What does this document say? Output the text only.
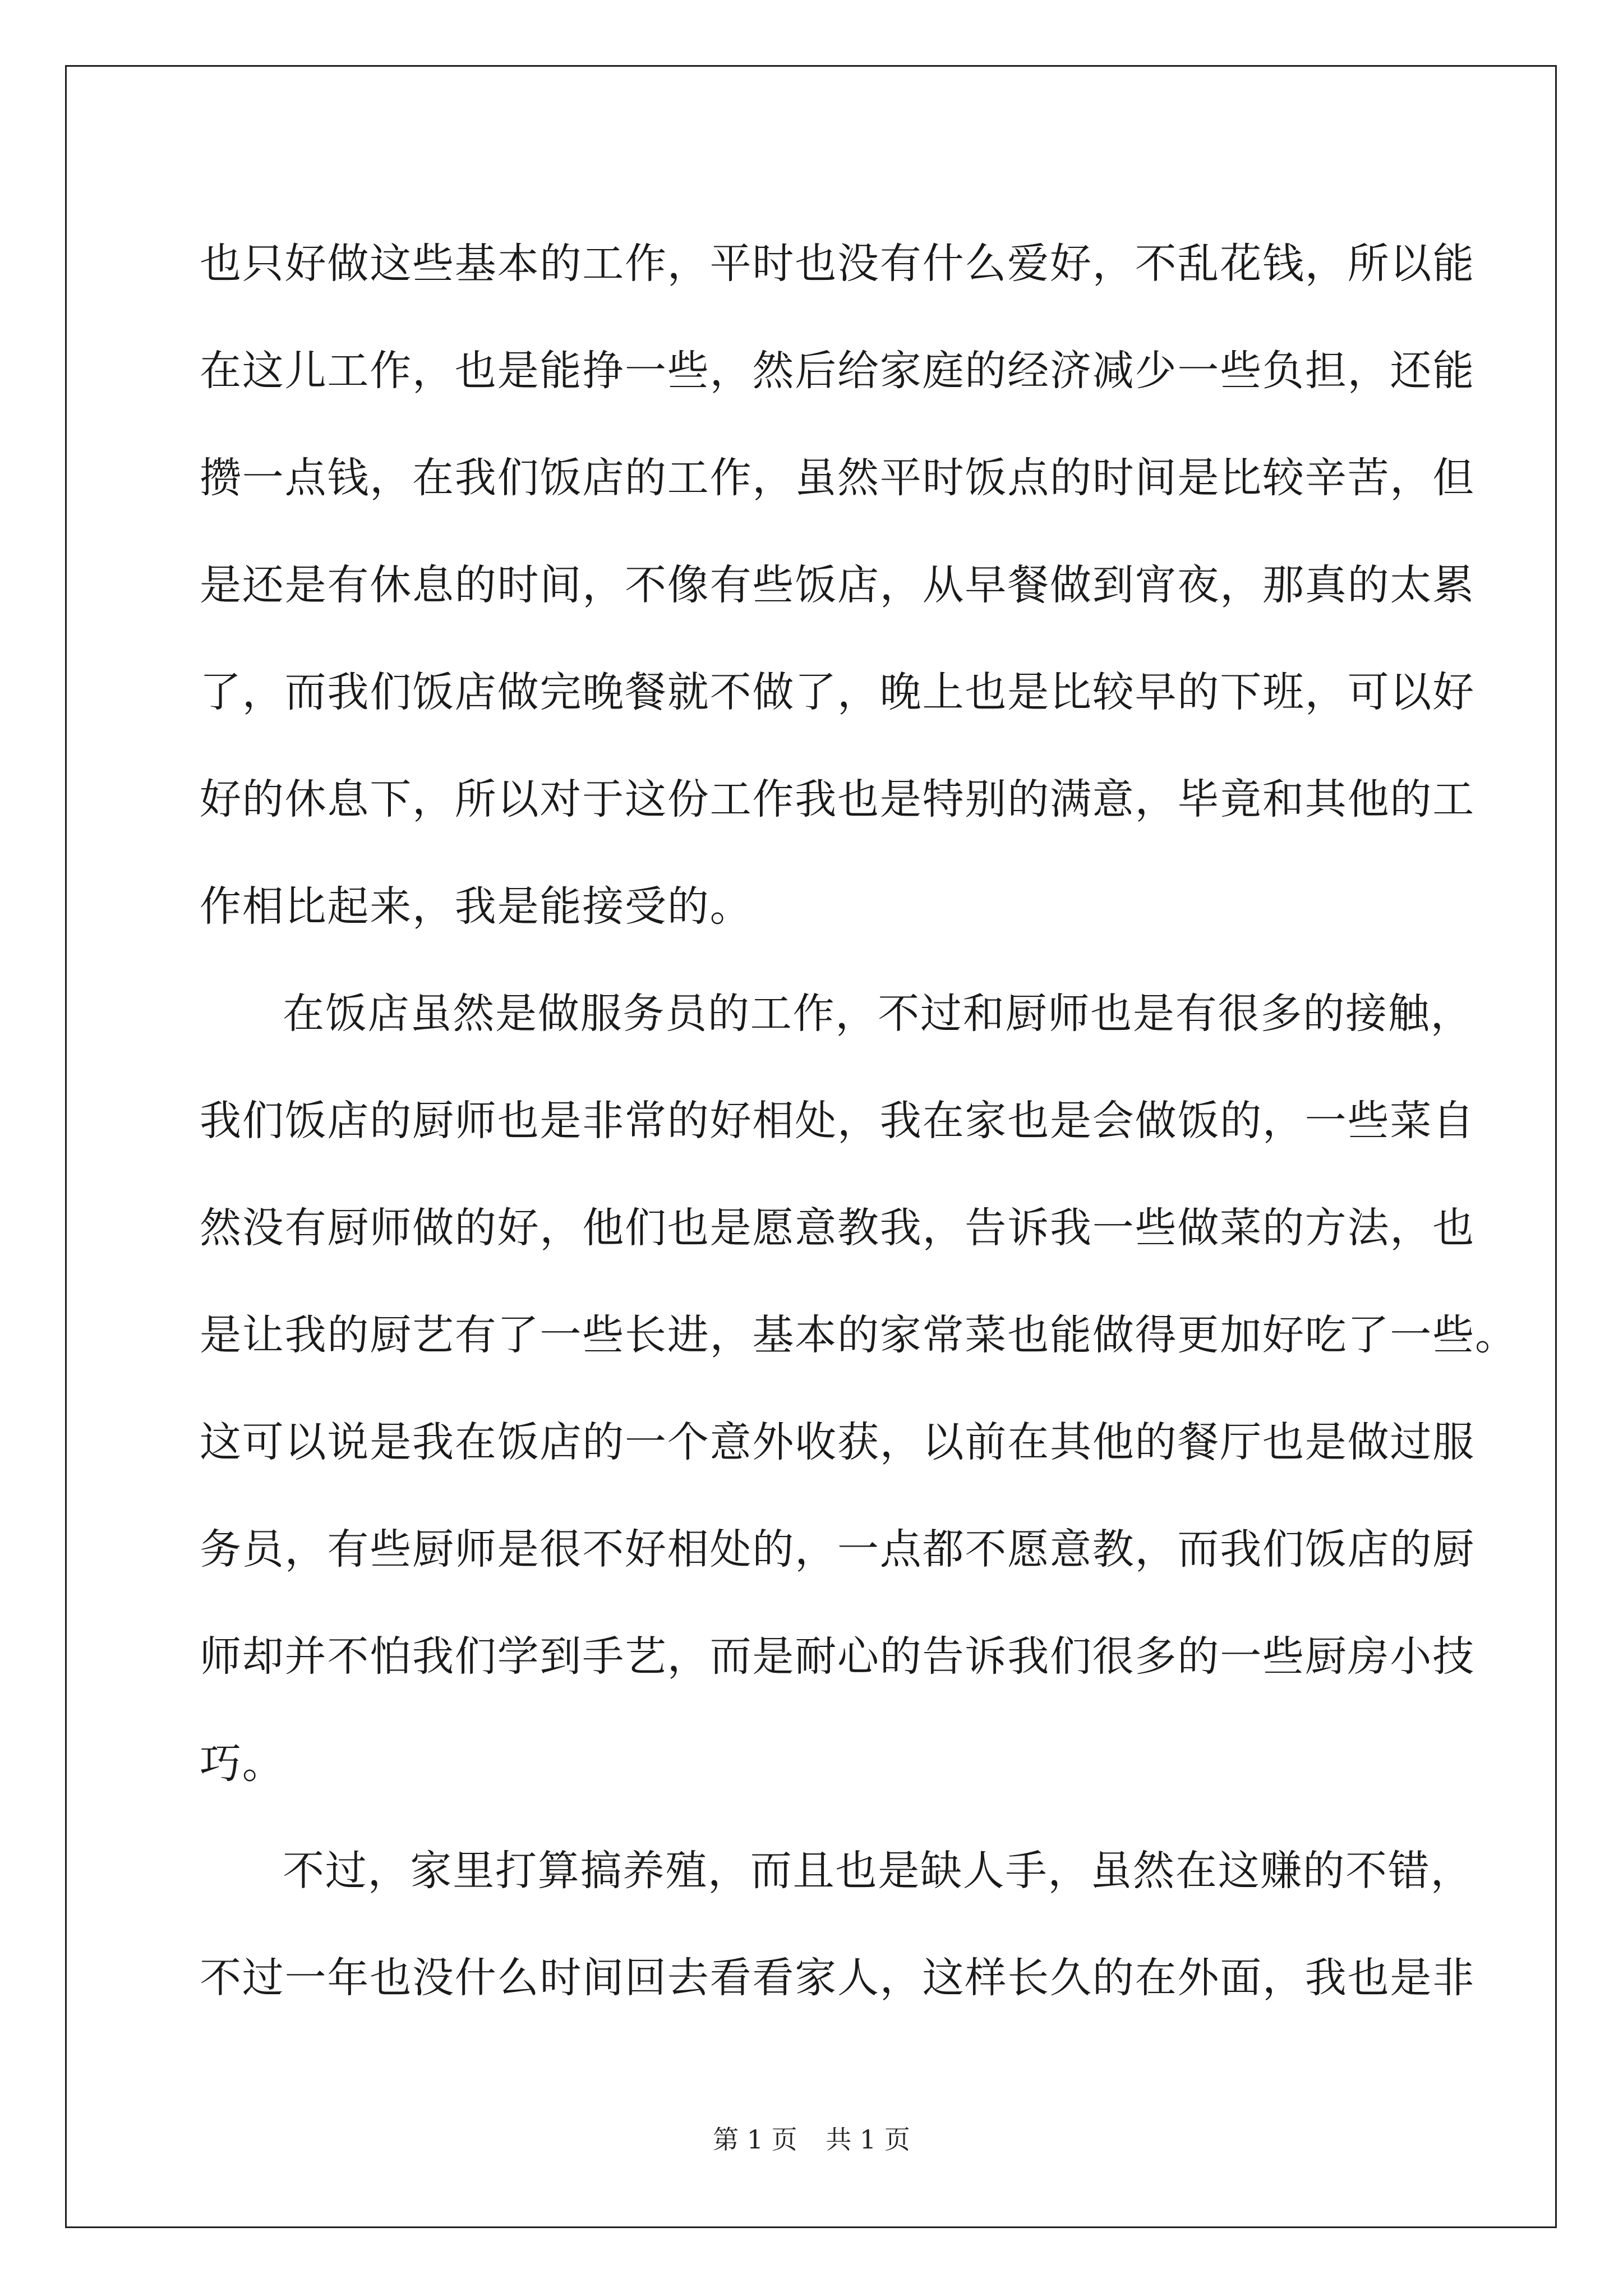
也只好做这些基本的工作，平时也没有什么爱好，不乱花钱，所以能
在这儿工作，也是能挣一些，然后给家庭的经济减少一些负担，还能
攒一点钱，在我们饭店的工作，虽然平时饭点的时间是比较辛苦，但
是还是有休息的时间，不像有些饭店，从早餐做到宵夜，那真的太累
了，而我们饭店做完晚餐就不做了，晚上也是比较早的下班，可以好
好的休息下，所以对于这份工作我也是特别的满意，毕竟和其他的工
作相比起来，我是能接受的。
在饭店虽然是做服务员的工作，不过和厨师也是有很多的接触，
我们饭店的厨师也是非常的好相处，我在家也是会做饭的，一些菜自
然没有厨师做的好，他们也是愿意教我，告诉我一些做菜的方法，也
是让我的厨艺有了一些长进，基本的家常菜也能做得更加好吃了一些。
这可以说是我在饭店的一个意外收获，以前在其他的餐厅也是做过服
务员，有些厨师是很不好相处的，一点都不愿意教，而我们饭店的厨
师却并不怕我们学到手艺，而是耐心的告诉我们很多的一些厨房小技
巧。
不过，家里打算搞养殖，而且也是缺人手，虽然在这赚的不错，
不过一年也没什么时间回去看看家人，这样长久的在外面，我也是非
第 1 页 共 1 页
